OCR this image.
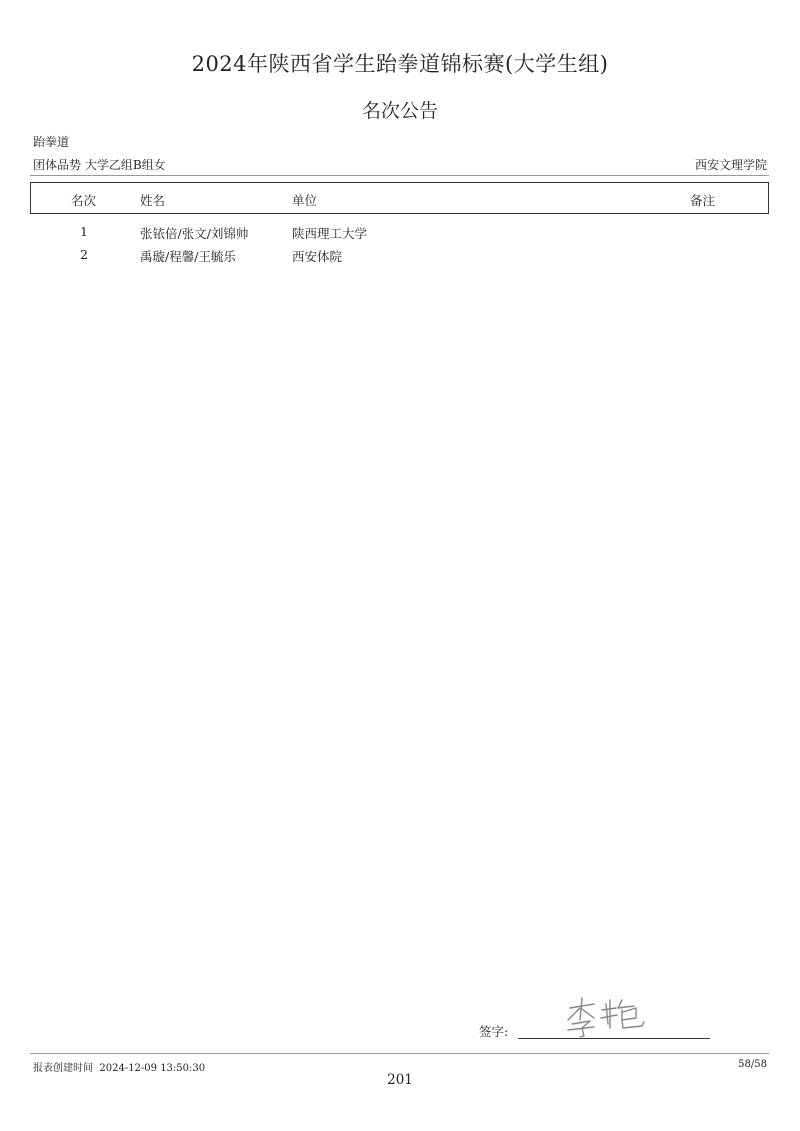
2024年陕西省学生跆拳道锦标赛(大学生组)
名次公告
跆拳道
团体品势 大学乙组B组女	西安文理学院
名次	姓名	单位	备注
1	张铱倍/张文/刘锦帅	陕西理工大学
2	禹璇/程馨/王毓乐	西安体院
签字:
报表创建时间 2024-12-09 13:50:30	58/58
201
